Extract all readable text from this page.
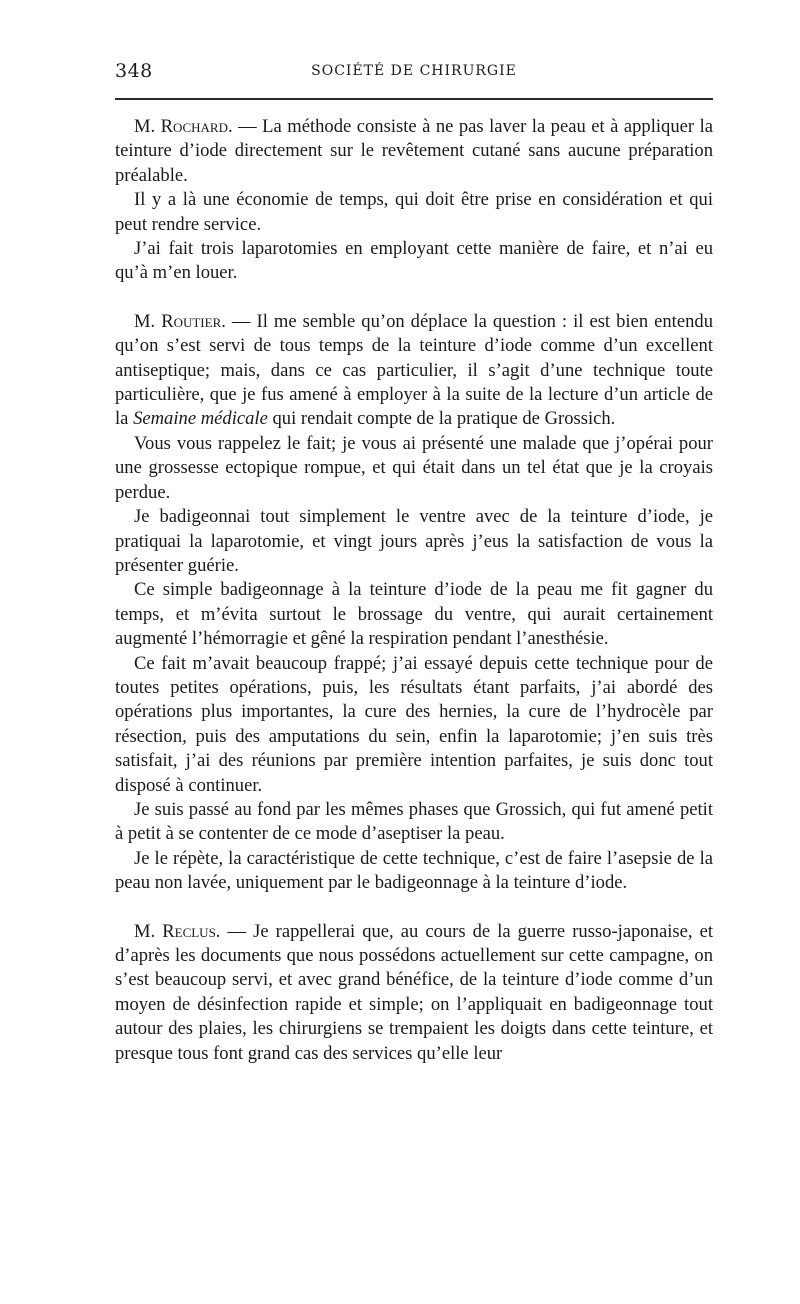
348	SOCIÉTÉ DE CHIRURGIE

M. Rochard. — La méthode consiste à ne pas laver la peau et à appliquer la teinture d’iode directement sur le revêtement cutané sans aucune préparation préalable.

Il y a là une économie de temps, qui doit être prise en considération et qui peut rendre service.

J’ai fait trois laparotomies en employant cette manière de faire, et n’ai eu qu’à m’en louer.

M. Routier. — Il me semble qu’on déplace la question : il est bien entendu qu’on s’est servi de tous temps de la teinture d’iode comme d’un excellent antiseptique; mais, dans ce cas particulier, il s’agit d’une technique toute particulière, que je fus amené à employer à la suite de la lecture d’un article de la Semaine médicale qui rendait compte de la pratique de Grossich.

Vous vous rappelez le fait; je vous ai présenté une malade que j’opérai pour une grossesse ectopique rompue, et qui était dans un tel état que je la croyais perdue.

Je badigeonnai tout simplement le ventre avec de la teinture d’iode, je pratiquai la laparotomie, et vingt jours après j’eus la satisfaction de vous la présenter guérie.

Ce simple badigeonnage à la teinture d’iode de la peau me fit gagner du temps, et m’évita surtout le brossage du ventre, qui aurait certainement augmenté l’hémorragie et gêné la respiration pendant l’anesthésie.

Ce fait m’avait beaucoup frappé; j’ai essayé depuis cette technique pour de toutes petites opérations, puis, les résultats étant parfaits, j’ai abordé des opérations plus importantes, la cure des hernies, la cure de l’hydrocèle par résection, puis des amputations du sein, enfin la laparotomie; j’en suis très satisfait, j’ai des réunions par première intention parfaites, je suis donc tout disposé à continuer.

Je suis passé au fond par les mêmes phases que Grossich, qui fut amené petit à petit à se contenter de ce mode d’aseptiser la peau.

Je le répète, la caractéristique de cette technique, c’est de faire l’asepsie de la peau non lavée, uniquement par le badigeonnage à la teinture d’iode.

M. Reclus. — Je rappellerai que, au cours de la guerre russo-japonaise, et d’après les documents que nous possédons actuellement sur cette campagne, on s’est beaucoup servi, et avec grand bénéfice, de la teinture d’iode comme d’un moyen de désinfection rapide et simple; on l’appliquait en badigeonnage tout autour des plaies, les chirurgiens se trempaient les doigts dans cette teinture, et presque tous font grand cas des services qu’elle leur
